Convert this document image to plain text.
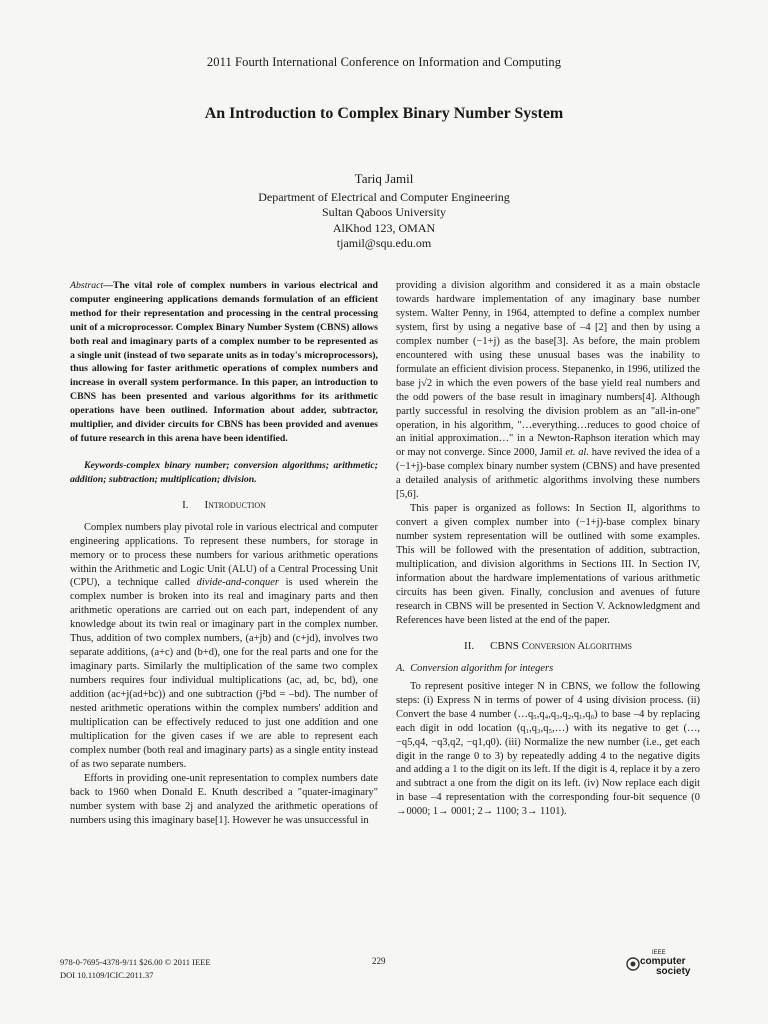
2011 Fourth International Conference on Information and Computing
An Introduction to Complex Binary Number System
Tariq Jamil
Department of Electrical and Computer Engineering
Sultan Qaboos University
AlKhod 123, OMAN
tjamil@squ.edu.om
Abstract—The vital role of complex numbers in various electrical and computer engineering applications demands formulation of an efficient method for their representation and processing in the central processing unit of a microprocessor. Complex Binary Number System (CBNS) allows both real and imaginary parts of a complex number to be represented as a single unit (instead of two separate units as in today's microprocessors), thus allowing for faster arithmetic operations of complex numbers and increase in overall system performance. In this paper, an introduction to CBNS has been presented and various algorithms for its arithmetic operations have been outlined. Information about adder, subtractor, multiplier, and divider circuits for CBNS has been provided and avenues of future research in this arena have been identified.
Keywords-complex binary number; conversion algorithms; arithmetic; addition; subtraction; multiplication; division.
I. Introduction

Complex numbers play pivotal role in various electrical and computer engineering applications. To represent these numbers, for storage in memory or to process these numbers for various arithmetic operations within the Arithmetic and Logic Unit (ALU) of a Central Processing Unit (CPU), a technique called divide-and-conquer is used wherein the complex number is broken into its real and imaginary parts and then arithmetic operations are carried out on each part, independent of any knowledge about its twin real or imaginary part in the complex number. Thus, addition of two complex numbers, (a+jb) and (c+jd), involves two separate additions, (a+c) and (b+d), one for the real parts and one for the imaginary parts. Similarly the multiplication of the same two complex numbers requires four individual multiplications (ac, ad, bc, bd), one addition (ac+j(ad+bc)) and one subtraction (j²bd = –bd). The number of nested arithmetic operations within the complex numbers' addition and multiplication can be effectively reduced to just one addition and one multiplication for the given cases if we are able to represent each complex number (both real and imaginary parts) as a single entity instead of as two separate numbers.

Efforts in providing one-unit representation to complex numbers date back to 1960 when Donald E. Knuth described a "quater-imaginary" number system with base 2j and analyzed the arithmetic operations of numbers using this imaginary base[1]. However he was unsuccessful in

providing a division algorithm and considered it as a main obstacle towards hardware implementation of any imaginary base number system. Walter Penny, in 1964, attempted to define a complex number system, first by using a negative base of –4 [2] and then by using a complex number (−1+j) as the base[3]. As before, the main problem encountered with using these unusual bases was the inability to formulate an efficient division process. Stepanenko, in 1996, utilized the base j√2 in which the even powers of the base yield real numbers and the odd powers of the base result in imaginary numbers[4]. Although partly successful in resolving the division problem as an "all-in-one" operation, in his algorithm, "…everything…reduces to good choice of an initial approximation…" in a Newton-Raphson iteration which may or may not converge. Since 2000, Jamil et. al. have revived the idea of a (−1+j)-base complex binary number system (CBNS) and have presented a detailed analysis of arithmetic algorithms involving these numbers [5,6].

This paper is organized as follows: In Section II, algorithms to convert a given complex number into (−1+j)-base complex binary number system representation will be outlined with some examples. This will be followed with the presentation of addition, subtraction, multiplication, and division algorithms in Sections III. In Section IV, information about the hardware implementations of various arithmetic circuits has been given. Finally, conclusion and avenues of future research in CBNS will be presented in Section V. Acknowledgment and References have been listed at the end of the paper.

II. CBNS Conversion Algorithms
A. Conversion algorithm for integers

To represent positive integer N in CBNS, we follow the following steps: (i) Express N in terms of power of 4 using division process. (ii) Convert the base 4 number (…q₅,q₄,q₃,q₂,q₁,q₀) to base –4 by replacing each digit in odd location (q₁,q₃,q₅,…) with its negative to get (…,−q5,q4, −q3,q2, −q1,q0). (iii) Normalize the new number (i.e., get each digit in the range 0 to 3) by repeatedly adding 4 to the negative digits and adding a 1 to the digit on its left. If the digit is 4, replace it by a zero and subtract a one from the digit on its left. (iv) Now replace each digit in base –4 representation with the corresponding four-bit sequence (0 →0000; 1→ 0001; 2→ 1100; 3→ 1101).

978-0-7695-4378-9/11 $26.00 © 2011 IEEE
DOI 10.1109/ICIC.2011.37
229
IEEE
computer
society
